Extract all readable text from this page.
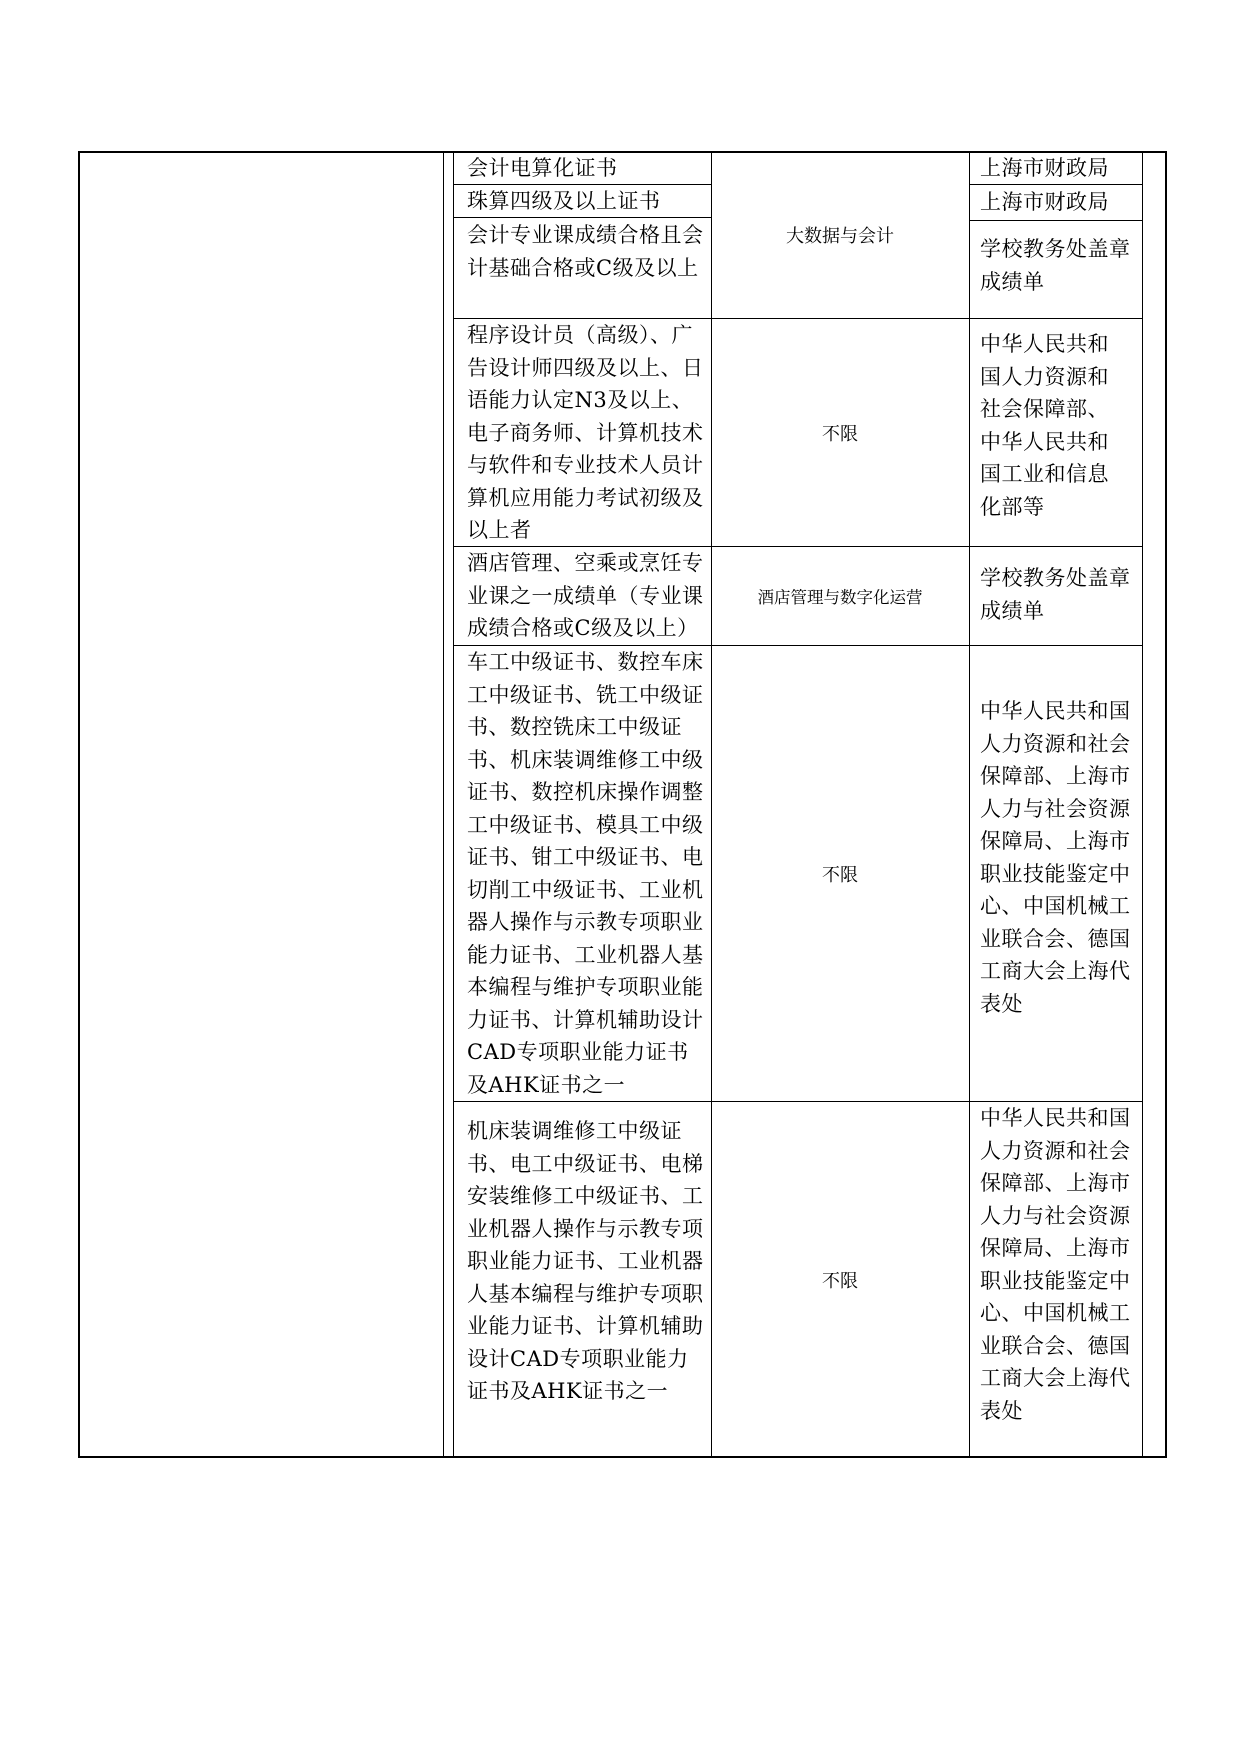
会计电算化证书	上海市财政局
珠算四级及以上证书	上海市财政局
会计专业课成绩合格且会计基础合格或C级及以上
学校教务处盖章成绩单
大数据与会计
程序设计员（高级）、广告设计师四级及以上、日语能力认定N3及以上、电子商务师、计算机技术与软件和专业技术人员计算机应用能力考试初级及以上者
不限
中华人民共和国人力资源和社会保障部、中华人民共和国工业和信息化部等
酒店管理、空乘或烹饪专业课之一成绩单（专业课成绩合格或C级及以上）
酒店管理与数字化运营
学校教务处盖章成绩单
车工中级证书、数控车床工中级证书、铣工中级证书、数控铣床工中级证书、机床装调维修工中级证书、数控机床操作调整工中级证书、模具工中级证书、钳工中级证书、电切削工中级证书、工业机器人操作与示教专项职业能力证书、工业机器人基本编程与维护专项职业能力证书、计算机辅助设计CAD专项职业能力证书及AHK证书之一
不限
中华人民共和国人力资源和社会保障部、上海市人力与社会资源保障局、上海市职业技能鉴定中心、中国机械工业联合会、德国工商大会上海代表处
机床装调维修工中级证书、电工中级证书、电梯安装维修工中级证书、工业机器人操作与示教专项职业能力证书、工业机器人基本编程与维护专项职业能力证书、计算机辅助设计CAD专项职业能力证书及AHK证书之一
不限
中华人民共和国人力资源和社会保障部、上海市人力与社会资源保障局、上海市职业技能鉴定中心、中国机械工业联合会、德国工商大会上海代表处
